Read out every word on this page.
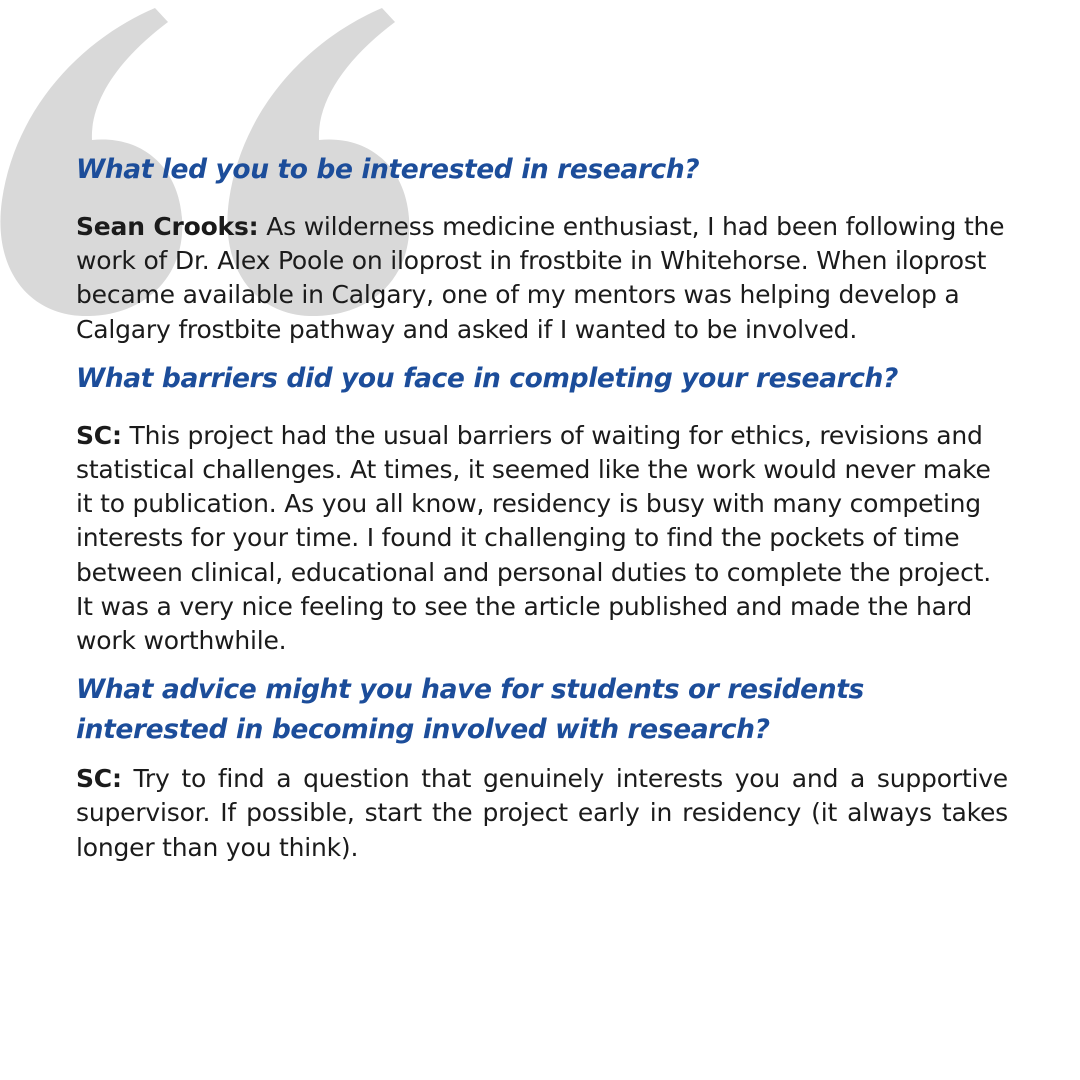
What led you to be interested in research?

Sean Crooks: As wilderness medicine enthusiast, I had been following the work of Dr. Alex Poole on iloprost in frostbite in Whitehorse. When iloprost became available in Calgary, one of my mentors was helping develop a Calgary frostbite pathway and asked if I wanted to be involved.

What barriers did you face in completing your research?

SC: This project had the usual barriers of waiting for ethics, revisions and statistical challenges. At times, it seemed like the work would never make it to publication. As you all know, residency is busy with many competing interests for your time. I found it challenging to find the pockets of time between clinical, educational and personal duties to complete the project. It was a very nice feeling to see the article published and made the hard work worthwhile.

What advice might you have for students or residents interested in becoming involved with research?

SC: Try to find a question that genuinely interests you and a supportive supervisor. If possible, start the project early in residency (it always takes longer than you think).
